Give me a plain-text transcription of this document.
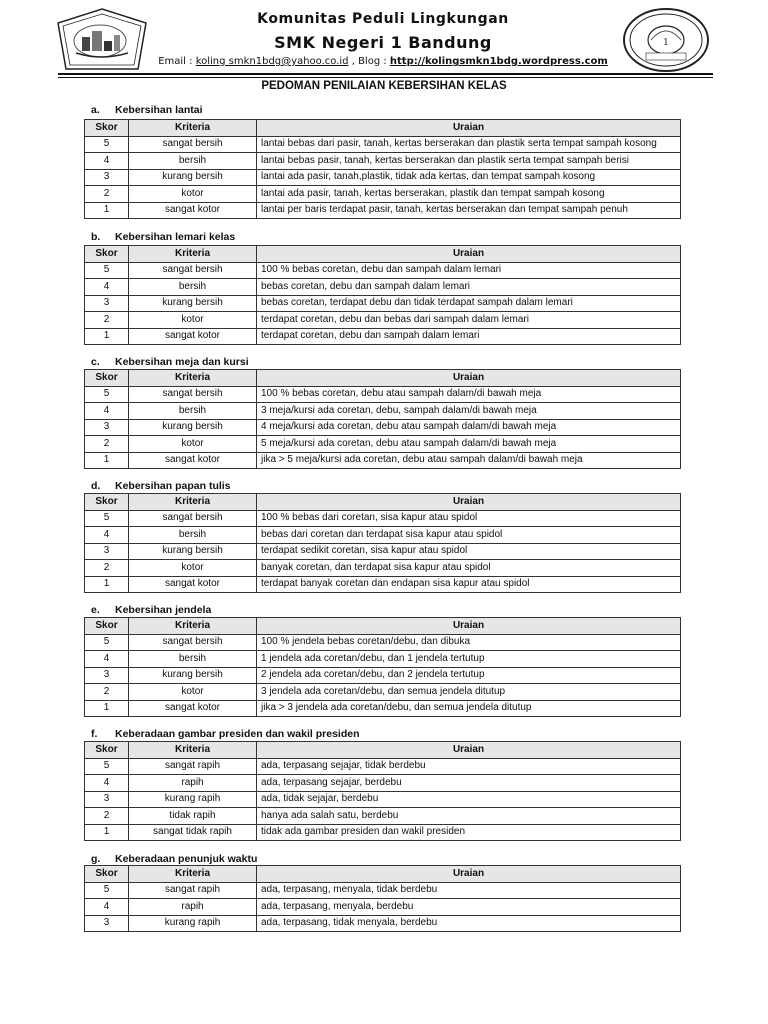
Komunitas Peduli Lingkungan
SMK Negeri 1 Bandung
Email : koling smkn1bdg@yahoo.co.id , Blog : http://kolingsmkn1bdg.wordpress.com
1
PEDOMAN PENILAIAN KEBERSIHAN KELAS
a. Kebersihan lantai
Skor	Kriteria	Uraian
5	sangat bersih	lantai bebas dari pasir, tanah, kertas berserakan dan plastik serta tempat sampah kosong
4	bersih	lantai bebas pasir, tanah, kertas berserakan dan plastik serta tempat sampah berisi
3	kurang bersih	lantai ada pasir, tanah,plastik, tidak ada kertas, dan tempat sampah kosong
2	kotor	lantai ada pasir, tanah, kertas berserakan, plastik dan tempat sampah kosong
1	sangat kotor	lantai per baris terdapat pasir, tanah, kertas berserakan dan tempat sampah penuh
b. Kebersihan lemari kelas
Skor	Kriteria	Uraian
5	sangat bersih	100 % bebas coretan, debu dan sampah dalam lemari
4	bersih	bebas coretan, debu dan sampah dalam lemari
3	kurang bersih	bebas coretan, terdapat debu dan tidak terdapat sampah dalam lemari
2	kotor	terdapat coretan, debu dan bebas dari sampah dalam lemari
1	sangat kotor	terdapat coretan, debu dan sampah dalam lemari
c. Kebersihan meja dan kursi
Skor	Kriteria	Uraian
5	sangat bersih	100 % bebas coretan, debu atau sampah dalam/di bawah meja
4	bersih	3 meja/kursi ada coretan, debu, sampah dalam/di bawah meja
3	kurang bersih	4 meja/kursi ada coretan, debu atau sampah dalam/di bawah meja
2	kotor	5 meja/kursi ada coretan, debu atau sampah dalam/di bawah meja
1	sangat kotor	jika > 5 meja/kursi ada coretan, debu atau sampah dalam/di bawah meja
d. Kebersihan papan tulis
Skor	Kriteria	Uraian
5	sangat bersih	100 % bebas dari coretan, sisa kapur atau spidol
4	bersih	bebas dari coretan dan terdapat sisa kapur atau spidol
3	kurang bersih	terdapat sedikit coretan, sisa kapur atau spidol
2	kotor	banyak coretan, dan terdapat sisa kapur atau spidol
1	sangat kotor	terdapat banyak coretan dan endapan sisa kapur atau spidol
e. Kebersihan jendela
Skor	Kriteria	Uraian
5	sangat bersih	100 % jendela bebas coretan/debu, dan dibuka
4	bersih	1 jendela ada coretan/debu, dan 1 jendela tertutup
3	kurang bersih	2 jendela ada coretan/debu, dan 2 jendela tertutup
2	kotor	3 jendela ada coretan/debu, dan semua jendela ditutup
1	sangat kotor	jika > 3 jendela ada coretan/debu, dan semua jendela ditutup
f. Keberadaan gambar presiden dan wakil presiden
Skor	Kriteria	Uraian
5	sangat rapih	ada, terpasang sejajar, tidak berdebu
4	rapih	ada, terpasang sejajar, berdebu
3	kurang rapih	ada, tidak sejajar, berdebu
2	tidak rapih	hanya ada salah satu, berdebu
1	sangat tidak rapih	tidak ada gambar presiden dan wakil presiden
g. Keberadaan penunjuk waktu
Skor	Kriteria	Uraian
5	sangat rapih	ada, terpasang, menyala, tidak berdebu
4	rapih	ada, terpasang, menyala, berdebu
3	kurang rapih	ada, terpasang, tidak menyala, berdebu
